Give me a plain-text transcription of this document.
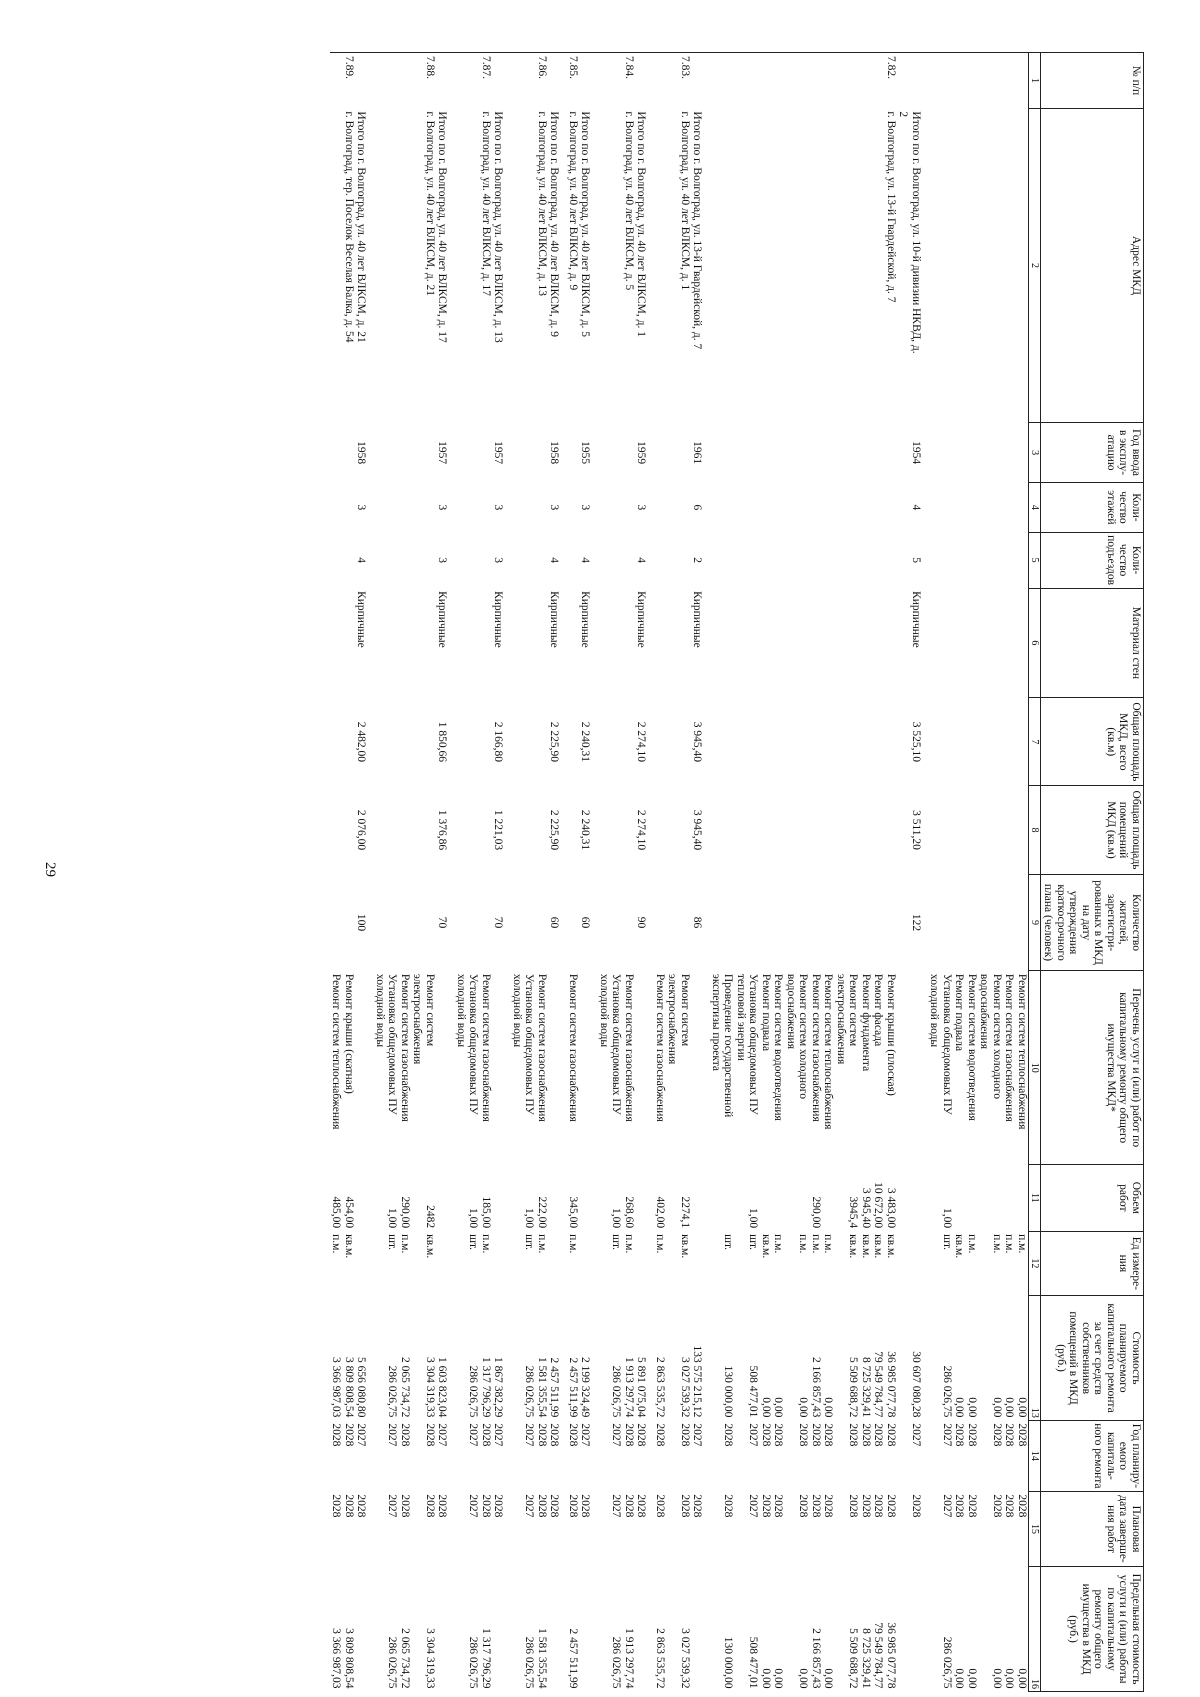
29
№ п/п	Адрес МКД	Год ввода в эксплу-атацию	Коли-чество этажей	Коли-чество подъездов	Материал стен	Общая площадь МКД, всего (кв.м)	Общая площадь помещений МКД (кв.м)	Количество жителей, зарегистри-рованных в МКД на дату утверждения краткосрочного плана (человек)	Перечень услуг и (или) работ по капитальному ремонту общего имущества МКД*	Объем работ	Ед измере-ния	Стоимость планируемого капитального ремонта за счет средств собственников помещений в МКД (руб.)	Год планиру-емого капиталь-ного ремонта	Плановая дата заверше-ния работ	Предельная стоимость услуги и (или) работы по капитальному ремонту общего имущества в МКД (руб.)
1	2	3	4	5	6	7	8	9	10	11	12	13	14	15	16
									Ремонт систем теплоснабжения		п.м.	0,00	2028	2028	0,00
									Ремонт систем газоснабжения		п.м.	0,00	2028	2028	0,00
									Ремонт систем холодного
водоснабжения		п.м.	0,00	2028	2028	0,00
									Ремонт систем водоотведения		п.м.	0,00	2028	2028	0,00
									Ремонт подвала		кв.м.	0,00	2028	2028	0,00
									Установка общедомовых ПУ
холодной воды	1,00	шт.	286 026,75	2027	2027	286 026,75
	Итого по г. Волгоград, ул. 10-й дивизии НКВД, д.
2	1954	4	5	Кирпичные	3 525,10	3 511,20	122				30 607 080,28	2027	2028	
7.82.	г. Волгоград, ул. 13-й Гвардейской, д. 7								Ремонт крыши (плоская)	3 483,00	кв.м.	36 985 077,78	2028	2028	36 985 077,78
									Ремонт фасада	10 672,00	кв.м.	79 549 784,77	2028	2028	79 549 784,77
									Ремонт фундамента	3 945,40	кв.м.	8 725 329,41	2028	2028	8 725 329,41
									Ремонт систем
электроснабжения	3945,4	кв.м.	5 509 688,72	2028	2028	5 509 688,72
									Ремонт систем теплоснабжения		п.м.	0,00	2028	2028	0,00
									Ремонт систем газоснабжения	290,00	п.м.	2 166 857,43	2028	2028	2 166 857,43
									Ремонт систем холодного
водоснабжения		п.м.	0,00	2028	2028	0,00
									Ремонт систем водоотведения		п.м.	0,00	2028	2028	0,00
									Ремонт подвала		кв.м.	0,00	2028	2028	0,00
									Установка общедомовых ПУ
тепловой энергии	1,00	шт.	508 477,01	2027	2027	508 477,01
									Проведение государственной
экспертизы проекта		шт.	130 000,00	2028	2028	130 000,00
	Итого по г. Волгоград, ул. 13-й Гвардейской, д. 7	1961	6	2	Кирпичные	3 945,40	3 945,40	86				133 575 215,12	2027	2028	
7.83.	г. Волгоград, ул. 40 лет ВЛКСМ, д. 1								Ремонт систем
электроснабжения	2274,1	кв.м.	3 027 539,32	2028	2028	3 027 539,32
									Ремонт систем газоснабжения	402,00	п.м.	2 863 535,72	2028	2028	2 863 535,72
	Итого по г. Волгоград, ул. 40 лет ВЛКСМ, д. 1	1959	3	4	Кирпичные	2 274,10	2 274,10	90				5 891 075,04	2028	2028	
7.84.	г. Волгоград, ул. 40 лет ВЛКСМ, д. 5								Ремонт систем газоснабжения	268,60	п.м.	1 913 297,74	2028	2028	1 913 297,74
									Установка общедомовых ПУ
холодной воды	1,00	шт.	286 026,75	2027	2027	286 026,75
	Итого по г. Волгоград, ул. 40 лет ВЛКСМ, д. 5	1955	3	4	Кирпичные	2 240,31	2 240,31	60				2 199 324,49	2027	2028	
7.85.	г. Волгоград, ул. 40 лет ВЛКСМ, д. 9								Ремонт систем газоснабжения	345,00	п.м.	2 457 511,99	2028	2028	2 457 511,99
	Итого по г. Волгоград, ул. 40 лет ВЛКСМ, д. 9	1958	3	4	Кирпичные	2 225,90	2 225,90	60				2 457 511,99	2028	2028	
7.86.	г. Волгоград, ул. 40 лет ВЛКСМ, д. 13								Ремонт систем газоснабжения	222,00	п.м.	1 581 355,54	2028	2028	1 581 355,54
									Установка общедомовых ПУ
холодной воды	1,00	шт.	286 026,75	2027	2027	286 026,75
	Итого по г. Волгоград, ул. 40 лет ВЛКСМ, д. 13	1957	3	3	Кирпичные	2 166,80	1 221,03	70				1 867 382,29	2027	2028	
7.87.	г. Волгоград, ул. 40 лет ВЛКСМ, д. 17								Ремонт систем газоснабжения	185,00	п.м.	1 317 796,29	2028	2028	1 317 796,29
									Установка общедомовых ПУ
холодной воды	1,00	шт.	286 026,75	2027	2027	286 026,75
	Итого по г. Волгоград, ул. 40 лет ВЛКСМ, д. 17	1957	3	3	Кирпичные	1 850,66	1 376,86	70				1 603 823,04	2027	2028	
7.88.	г. Волгоград, ул. 40 лет ВЛКСМ, д. 21								Ремонт систем
электроснабжения	2482	кв.м.	3 304 319,33	2028	2028	3 304 319,33
									Ремонт систем газоснабжения	290,00	п.м.	2 065 734,72	2028	2028	2 065 734,72
									Установка общедомовых ПУ
холодной воды	1,00	шт.	286 026,75	2027	2027	286 026,75
	Итого по г. Волгоград, ул. 40 лет ВЛКСМ, д. 21	1958	3	4	Кирпичные	2 482,00	2 076,00	100				5 656 080,80	2027	2028	
7.89.	г. Волгоград, тер. Поселок Веселая Балка, д. 54								Ремонт крыши (скатная)	454,00	кв.м.	3 809 808,54	2028	2028	3 809 808,54
									Ремонт систем теплоснабжения	485,00	п.м.	3 366 987,03	2028	2028	3 366 987,03
